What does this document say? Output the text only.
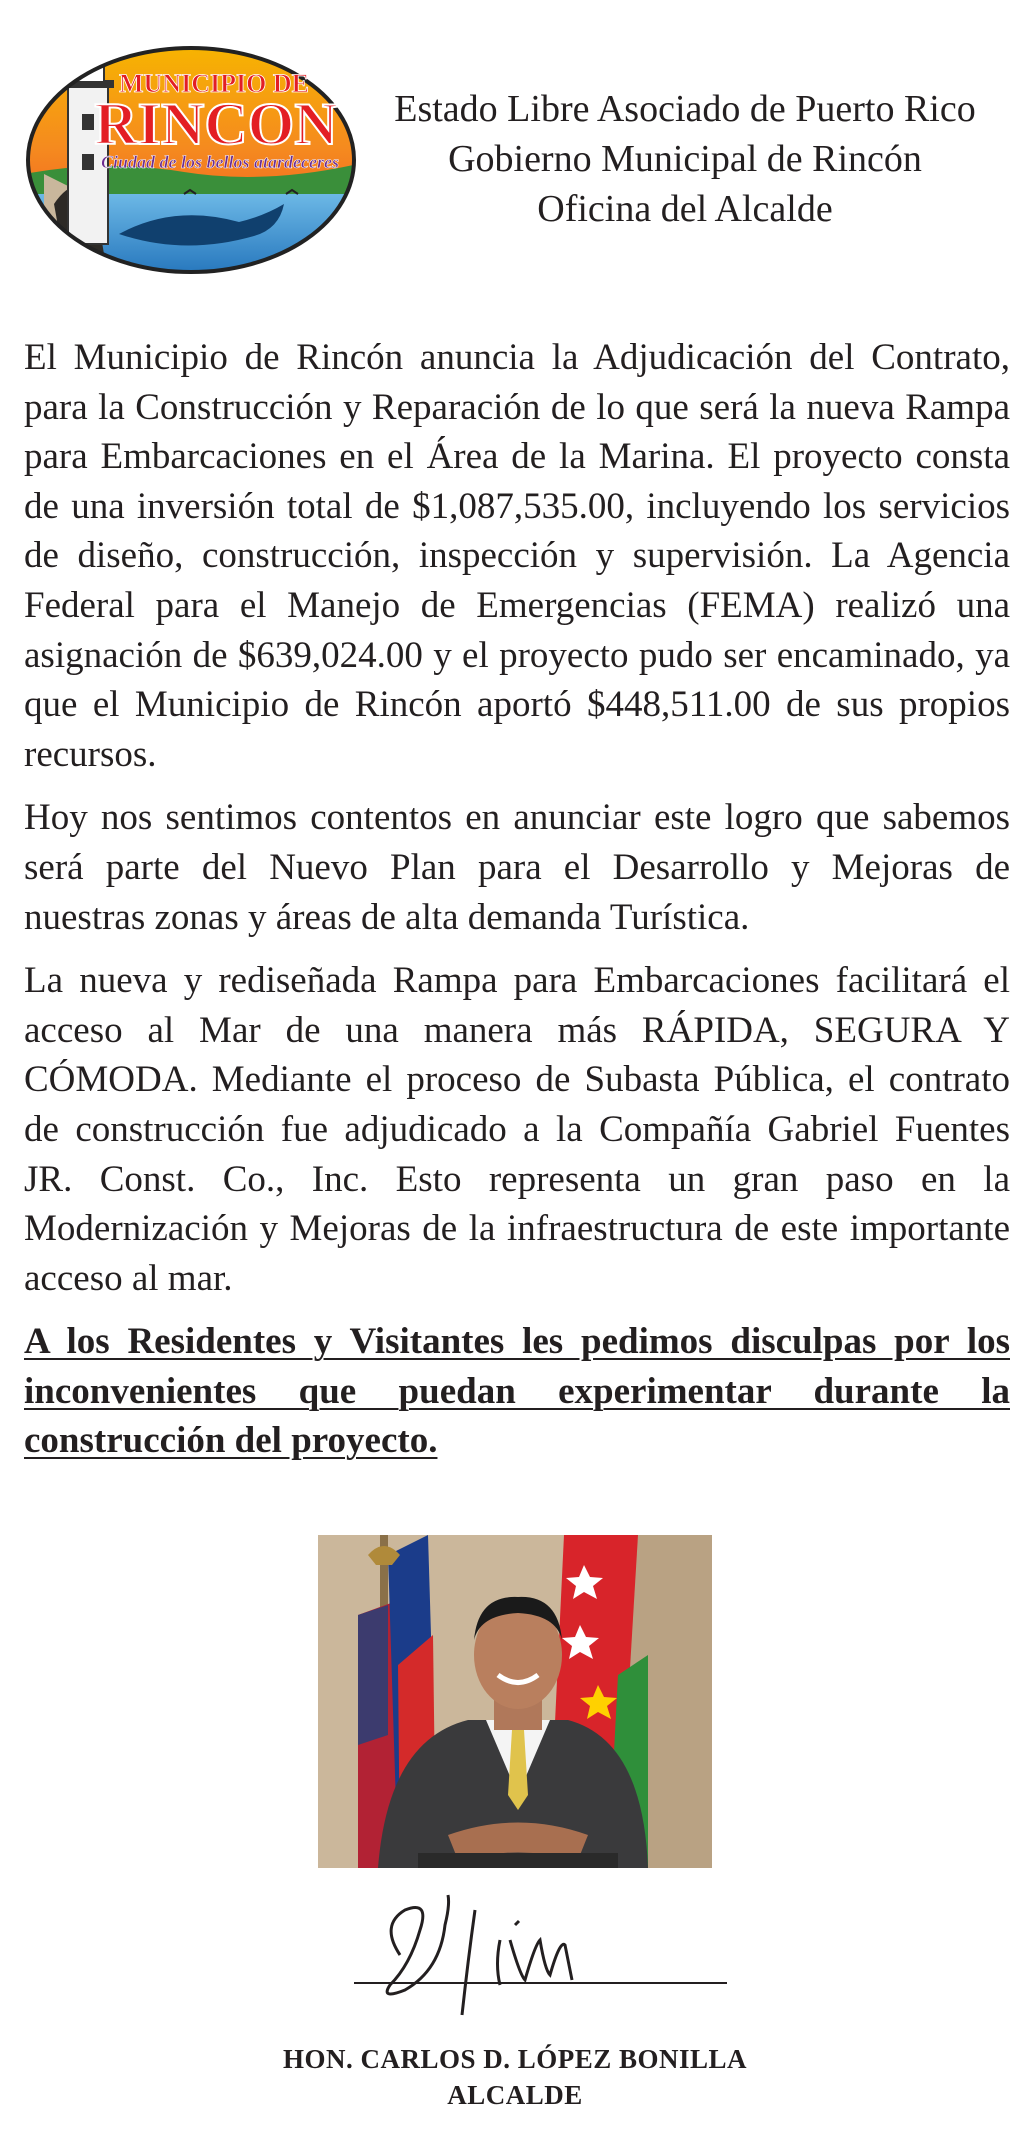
MUNICIPIO DE
RINCON
Ciudad de los bellos atardeceres
Estado Libre Asociado de Puerto Rico
Gobierno Municipal de Rincón
Oficina del Alcalde

El Municipio de Rincón anuncia la Adjudicación del Contrato, para la Construcción y Reparación de lo que será la nueva Rampa para Embarcaciones en el Área de la Marina. El proyecto consta de una inversión total de $1,087,535.00, incluyendo los servicios de diseño, construcción, inspección y supervisión. La Agencia Federal para el Manejo de Emergencias (FEMA) realizó una asignación de $639,024.00 y el proyecto pudo ser encaminado, ya que el Municipio de Rincón aportó $448,511.00 de sus propios recursos.

Hoy nos sentimos contentos en anunciar este logro que sabemos será parte del Nuevo Plan para el Desarrollo y Mejoras de nuestras zonas y áreas de alta demanda Turística.

La nueva y rediseñada Rampa para Embarcaciones facilitará el acceso al Mar de una manera más RÁPIDA, SEGURA Y CÓMODA. Mediante el proceso de Subasta Pública, el contrato de construcción fue adjudicado a la Compañía Gabriel Fuentes JR. Const. Co., Inc. Esto representa un gran paso en la Modernización y Mejoras de la infraestructura de este importante acceso al mar.

A los Residentes y Visitantes les pedimos disculpas por los inconvenientes que puedan experimentar durante la construcción del proyecto.

HON. CARLOS D. LÓPEZ BONILLA
ALCALDE
